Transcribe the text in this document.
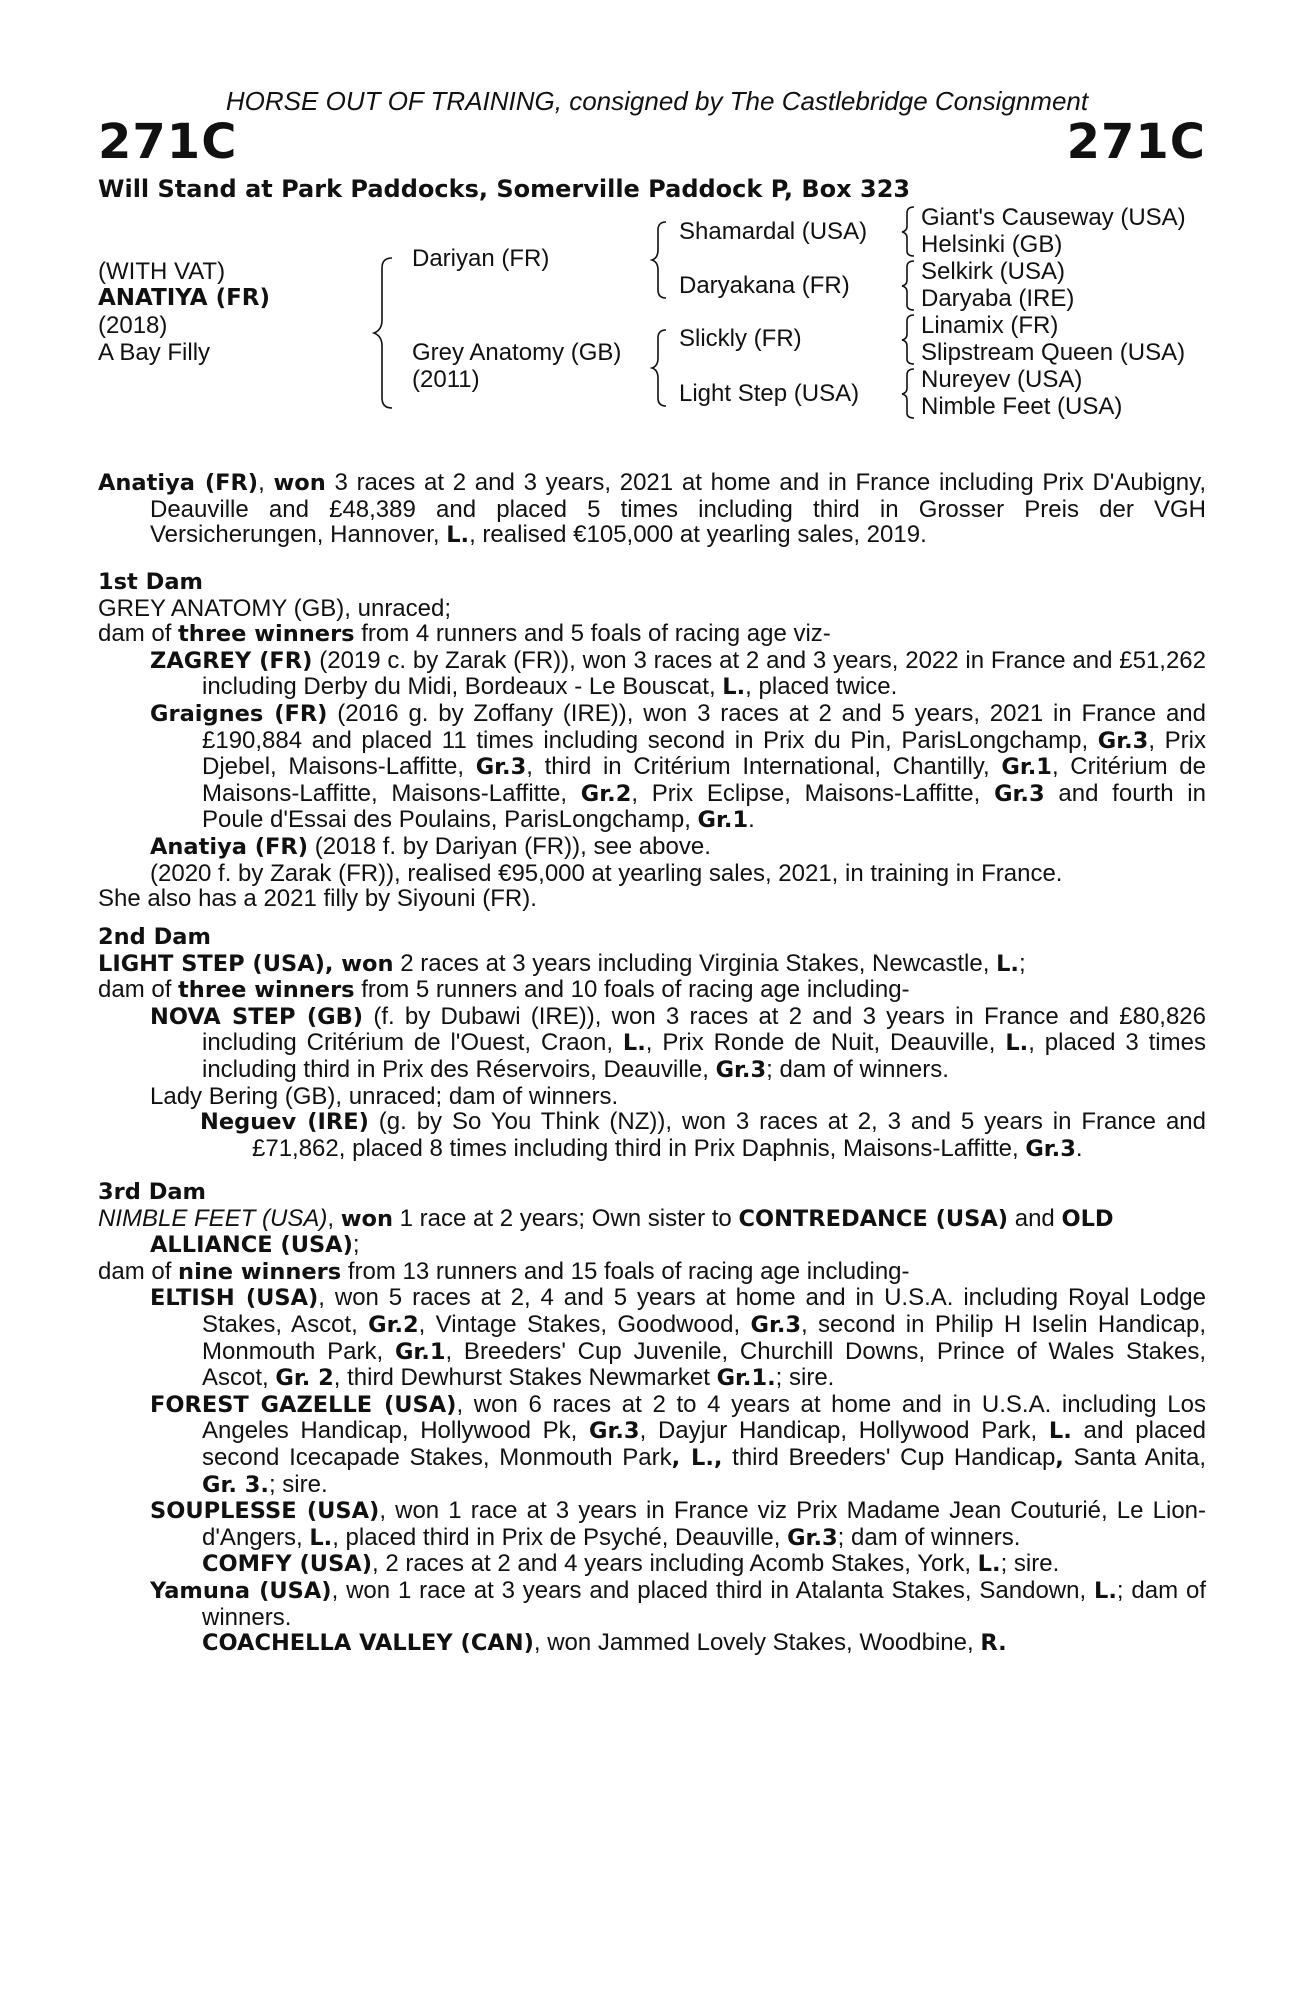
HORSE OUT OF TRAINING, consigned by The Castlebridge Consignment
271C	271C
Will Stand at Park Paddocks, Somerville Paddock P, Box 323
(WITH VAT)
ANATIYA (FR)
(2018)
A Bay Filly
Dariyan (FR)
Grey Anatomy (GB)
(2011)
Shamardal (USA)
Daryakana (FR)
Slickly (FR)
Light Step (USA)
Giant's Causeway (USA)
Helsinki (GB)
Selkirk (USA)
Daryaba (IRE)
Linamix (FR)
Slipstream Queen (USA)
Nureyev (USA)
Nimble Feet (USA)

Anatiya (FR), won 3 races at 2 and 3 years, 2021 at home and in France including Prix D'Aubigny, Deauville and £48,389 and placed 5 times including third in Grosser Preis der VGH Versicherungen, Hannover, L., realised €105,000 at yearling sales, 2019.

1st Dam

GREY ANATOMY (GB), unraced;

dam of three winners from 4 runners and 5 foals of racing age viz-

ZAGREY (FR) (2019 c. by Zarak (FR)), won 3 races at 2 and 3 years, 2022 in France and £51,262 including Derby du Midi, Bordeaux - Le Bouscat, L., placed twice.

Graignes (FR) (2016 g. by Zoffany (IRE)), won 3 races at 2 and 5 years, 2021 in France and £190,884 and placed 11 times including second in Prix du Pin, ParisLongchamp, Gr.3, Prix Djebel, Maisons-Laffitte, Gr.3, third in Critérium International, Chantilly, Gr.1, Critérium de Maisons-Laffitte, Maisons-Laffitte, Gr.2, Prix Eclipse, Maisons-Laffitte, Gr.3 and fourth in Poule d'Essai des Poulains, ParisLongchamp, Gr.1.

Anatiya (FR) (2018 f. by Dariyan (FR)), see above.

(2020 f. by Zarak (FR)), realised €95,000 at yearling sales, 2021, in training in France.

She also has a 2021 filly by Siyouni (FR).

2nd Dam

LIGHT STEP (USA), won 2 races at 3 years including Virginia Stakes, Newcastle, L.;

dam of three winners from 5 runners and 10 foals of racing age including-

NOVA STEP (GB) (f. by Dubawi (IRE)), won 3 races at 2 and 3 years in France and £80,826 including Critérium de l'Ouest, Craon, L., Prix Ronde de Nuit, Deauville, L., placed 3 times including third in Prix des Réservoirs, Deauville, Gr.3; dam of winners.

Lady Bering (GB), unraced; dam of winners.

Neguev (IRE) (g. by So You Think (NZ)), won 3 races at 2, 3 and 5 years in France and £71,862, placed 8 times including third in Prix Daphnis, Maisons-Laffitte, Gr.3.

3rd Dam

NIMBLE FEET (USA), won 1 race at 2 years; Own sister to CONTREDANCE (USA) and OLD ALLIANCE (USA);

dam of nine winners from 13 runners and 15 foals of racing age including-

ELTISH (USA), won 5 races at 2, 4 and 5 years at home and in U.S.A. including Royal Lodge Stakes, Ascot, Gr.2, Vintage Stakes, Goodwood, Gr.3, second in Philip H Iselin Handicap, Monmouth Park, Gr.1, Breeders' Cup Juvenile, Churchill Downs, Prince of Wales Stakes, Ascot, Gr. 2, third Dewhurst Stakes Newmarket Gr.1.; sire.

FOREST GAZELLE (USA), won 6 races at 2 to 4 years at home and in U.S.A. including Los Angeles Handicap, Hollywood Pk, Gr.3, Dayjur Handicap, Hollywood Park, L. and placed second Icecapade Stakes, Monmouth Park, L., third Breeders' Cup Handicap, Santa Anita, Gr. 3.; sire.

SOUPLESSE (USA), won 1 race at 3 years in France viz Prix Madame Jean Couturié, Le Lion-d'Angers, L., placed third in Prix de Psyché, Deauville, Gr.3; dam of winners.

COMFY (USA), 2 races at 2 and 4 years including Acomb Stakes, York, L.; sire.

Yamuna (USA), won 1 race at 3 years and placed third in Atalanta Stakes, Sandown, L.; dam of winners.

COACHELLA VALLEY (CAN), won Jammed Lovely Stakes, Woodbine, R.
